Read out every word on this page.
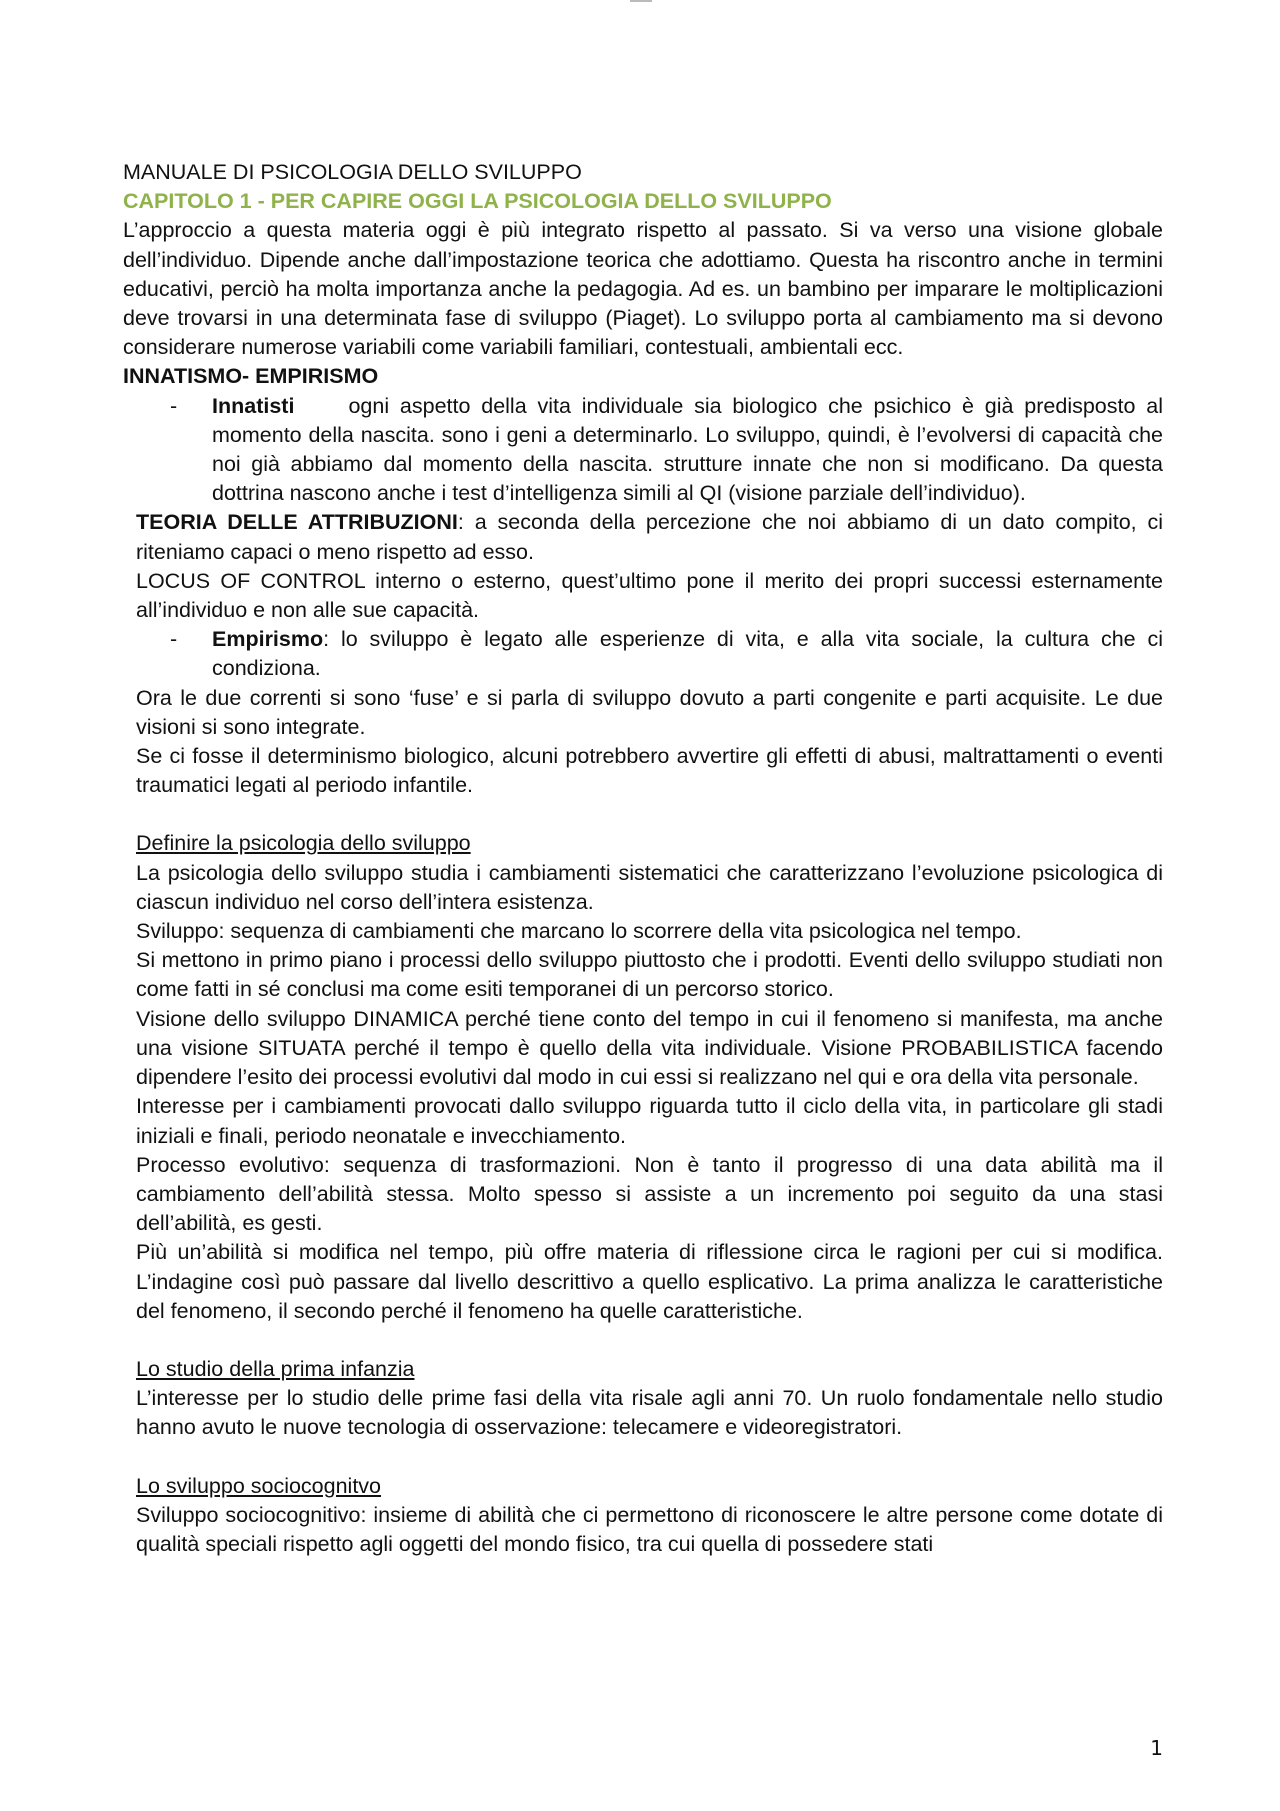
MANUALE DI PSICOLOGIA DELLO SVILUPPO

CAPITOLO 1 - PER CAPIRE OGGI LA PSICOLOGIA DELLO SVILUPPO

L’approccio a questa materia oggi è più integrato rispetto al passato. Si va verso una visione globale dell’individuo. Dipende anche dall’impostazione teorica che adottiamo. Questa ha riscontro anche in termini educativi, perciò ha molta importanza anche la pedagogia. Ad es. un bambino per imparare le moltiplicazioni deve trovarsi in una determinata fase di sviluppo (Piaget). Lo sviluppo porta al cambiamento ma si devono considerare numerose variabili come variabili familiari, contestuali, ambientali ecc.

INNATISMO- EMPIRISMO

- Innatisti	ogni aspetto della vita individuale sia biologico che psichico è già predisposto al momento della nascita. sono i geni a determinarlo. Lo sviluppo, quindi, è l’evolversi di capacità che noi già abbiamo dal momento della nascita. strutture innate che non si modificano. Da questa dottrina nascono anche i test d’intelligenza simili al QI (visione parziale dell’individuo).

TEORIA DELLE ATTRIBUZIONI: a seconda della percezione che noi abbiamo di un dato compito, ci riteniamo capaci o meno rispetto ad esso.

LOCUS OF CONTROL interno o esterno, quest’ultimo pone il merito dei propri successi esternamente all’individuo e non alle sue capacità.

- Empirismo: lo sviluppo è legato alle esperienze di vita, e alla vita sociale, la cultura che ci condiziona.

Ora le due correnti si sono ‘fuse’ e si parla di sviluppo dovuto a parti congenite e parti acquisite. Le due visioni si sono integrate.

Se ci fosse il determinismo biologico, alcuni potrebbero avvertire gli effetti di abusi, maltrattamenti o eventi traumatici legati al periodo infantile.

Definire la psicologia dello sviluppo

La psicologia dello sviluppo studia i cambiamenti sistematici che caratterizzano l’evoluzione psicologica di ciascun individuo nel corso dell’intera esistenza.

Sviluppo: sequenza di cambiamenti che marcano lo scorrere della vita psicologica nel tempo.

Si mettono in primo piano i processi dello sviluppo piuttosto che i prodotti. Eventi dello sviluppo studiati non come fatti in sé conclusi ma come esiti temporanei di un percorso storico.

Visione dello sviluppo DINAMICA perché tiene conto del tempo in cui il fenomeno si manifesta, ma anche una visione SITUATA perché il tempo è quello della vita individuale. Visione PROBABILISTICA facendo dipendere l’esito dei processi evolutivi dal modo in cui essi si realizzano nel qui e ora della vita personale.

Interesse per i cambiamenti provocati dallo sviluppo riguarda tutto il ciclo della vita, in particolare gli stadi iniziali e finali, periodo neonatale e invecchiamento.

Processo evolutivo: sequenza di trasformazioni. Non è tanto il progresso di una data abilità ma il cambiamento dell’abilità stessa. Molto spesso si assiste a un incremento poi seguito da una stasi dell’abilità, es gesti.

Più un’abilità si modifica nel tempo, più offre materia di riflessione circa le ragioni per cui si modifica. L’indagine così può passare dal livello descrittivo a quello esplicativo. La prima analizza le caratteristiche del fenomeno, il secondo perché il fenomeno ha quelle caratteristiche.

Lo studio della prima infanzia

L’interesse per lo studio delle prime fasi della vita risale agli anni 70. Un ruolo fondamentale nello studio hanno avuto le nuove tecnologia di osservazione: telecamere e videoregistratori.

Lo sviluppo sociocognitvo

Sviluppo sociocognitivo: insieme di abilità che ci permettono di riconoscere le altre persone come dotate di qualità speciali rispetto agli oggetti del mondo fisico, tra cui quella di possedere stati

1
